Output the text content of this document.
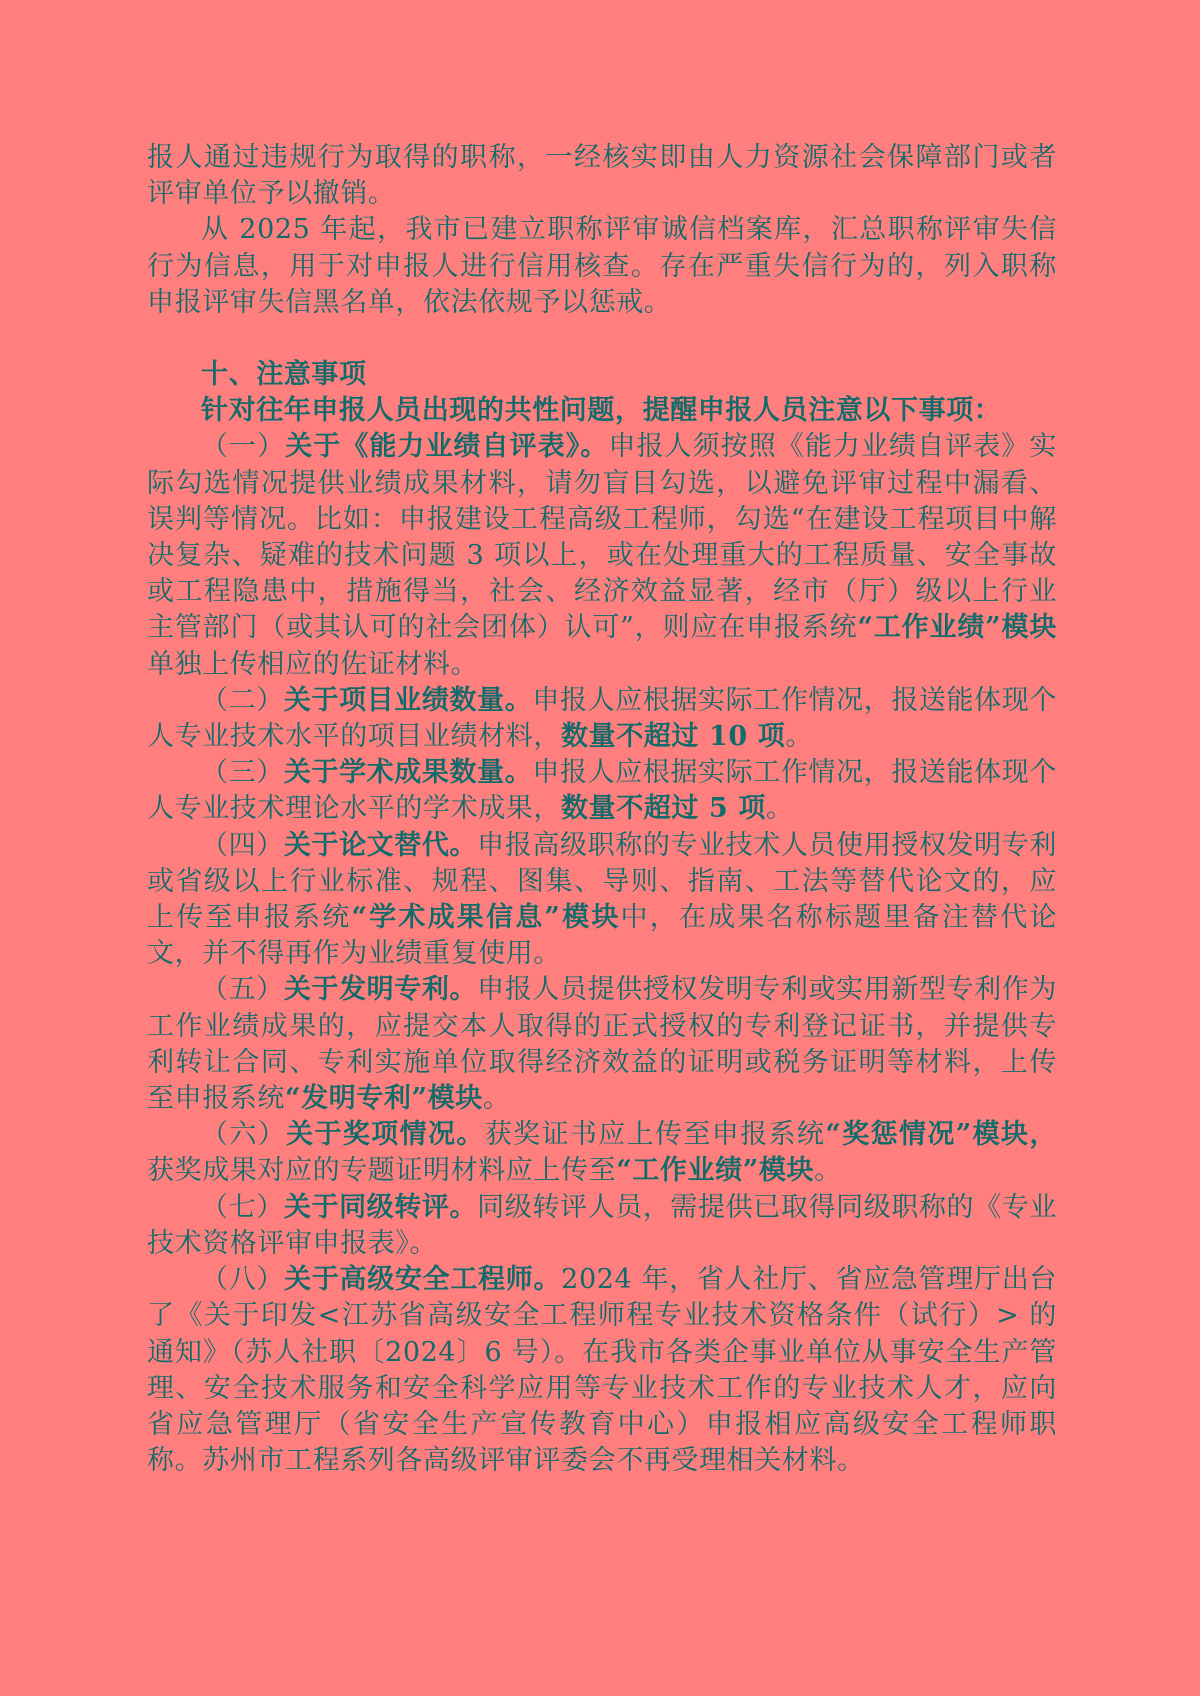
报人通过违规行为取得的职称，一经核实即由人力资源社会保障部门或者评审单位予以撤销。

从 2025 年起，我市已建立职称评审诚信档案库，汇总职称评审失信行为信息，用于对申报人进行信用核查。存在严重失信行为的，列入职称申报评审失信黑名单，依法依规予以惩戒。

十、注意事项

针对往年申报人员出现的共性问题，提醒申报人员注意以下事项：

（一）关于《能力业绩自评表》。申报人须按照《能力业绩自评表》实际勾选情况提供业绩成果材料，请勿盲目勾选，以避免评审过程中漏看、误判等情况。比如：申报建设工程高级工程师，勾选“在建设工程项目中解决复杂、疑难的技术问题 3 项以上，或在处理重大的工程质量、安全事故或工程隐患中，措施得当，社会、经济效益显著，经市（厅）级以上行业主管部门（或其认可的社会团体）认可”，则应在申报系统“工作业绩”模块单独上传相应的佐证材料。

（二）关于项目业绩数量。申报人应根据实际工作情况，报送能体现个人专业技术水平的项目业绩材料，数量不超过 10 项。

（三）关于学术成果数量。申报人应根据实际工作情况，报送能体现个人专业技术理论水平的学术成果，数量不超过 5 项。

（四）关于论文替代。申报高级职称的专业技术人员使用授权发明专利或省级以上行业标准、规程、图集、导则、指南、工法等替代论文的，应上传至申报系统“学术成果信息”模块中，在成果名称标题里备注替代论文，并不得再作为业绩重复使用。

（五）关于发明专利。申报人员提供授权发明专利或实用新型专利作为工作业绩成果的，应提交本人取得的正式授权的专利登记证书，并提供专利转让合同、专利实施单位取得经济效益的证明或税务证明等材料，上传至申报系统“发明专利”模块。

（六）关于奖项情况。获奖证书应上传至申报系统“奖惩情况”模块，获奖成果对应的专题证明材料应上传至“工作业绩”模块。

（七）关于同级转评。同级转评人员，需提供已取得同级职称的《专业技术资格评审申报表》。

（八）关于高级安全工程师。2024 年，省人社厅、省应急管理厅出台了《关于印发<江苏省高级安全工程师程专业技术资格条件（试行）> 的通知》（苏人社职〔2024〕6 号）。在我市各类企事业单位从事安全生产管理、安全技术服务和安全科学应用等专业技术工作的专业技术人才，应向省应急管理厅（省安全生产宣传教育中心）申报相应高级安全工程师职称。苏州市工程系列各高级评审评委会不再受理相关材料。
